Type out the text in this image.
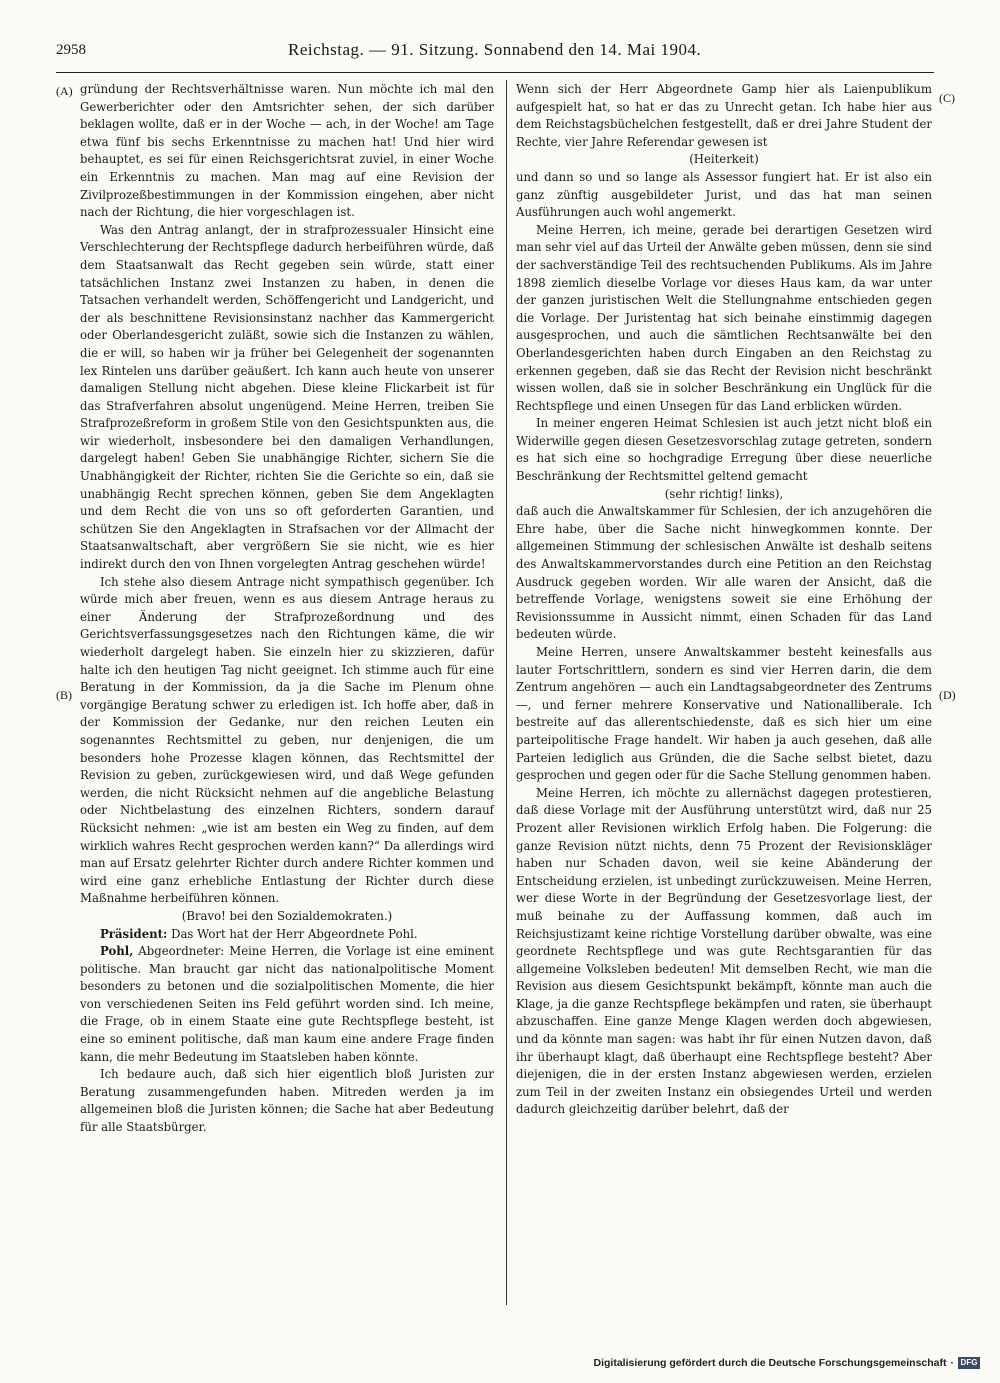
2958	Reichstag. — 91. Sitzung. Sonnabend den 14. Mai 1904.
(A)
(B)
(C)
(D)

gründung der Rechtsverhältnisse waren. Nun möchte ich mal den Gewerberichter oder den Amtsrichter sehen, der sich darüber beklagen wollte, daß er in der Woche — ach, in der Woche! am Tage etwa fünf bis sechs Erkenntnisse zu machen hat! Und hier wird behauptet, es sei für einen Reichsgerichtsrat zuviel, in einer Woche ein Erkenntnis zu machen. Man mag auf eine Revision der Zivilprozeßbestimmungen in der Kommission eingehen, aber nicht nach der Richtung, die hier vorgeschlagen ist.

Was den Antrag anlangt, der in strafprozessualer Hinsicht eine Verschlechterung der Rechtspflege dadurch herbeiführen würde, daß dem Staatsanwalt das Recht gegeben sein würde, statt einer tatsächlichen Instanz zwei Instanzen zu haben, in denen die Tatsachen verhandelt werden, Schöffengericht und Landgericht, und der als beschnittene Revisionsinstanz nachher das Kammergericht oder Oberlandesgericht zuläßt, sowie sich die Instanzen zu wählen, die er will, so haben wir ja früher bei Gelegenheit der sogenannten lex Rintelen uns darüber geäußert. Ich kann auch heute von unserer damaligen Stellung nicht abgehen. Diese kleine Flickarbeit ist für das Strafverfahren absolut ungenügend. Meine Herren, treiben Sie Strafprozeßreform in großem Stile von den Gesichtspunkten aus, die wir wiederholt, insbesondere bei den damaligen Verhandlungen, dargelegt haben! Geben Sie unabhängige Richter, sichern Sie die Unabhängigkeit der Richter, richten Sie die Gerichte so ein, daß sie unabhängig Recht sprechen können, geben Sie dem Angeklagten und dem Recht die von uns so oft geforderten Garantien, und schützen Sie den Angeklagten in Strafsachen vor der Allmacht der Staatsanwaltschaft, aber vergrößern Sie sie nicht, wie es hier indirekt durch den von Ihnen vorgelegten Antrag geschehen würde!

Ich stehe also diesem Antrage nicht sympathisch gegenüber. Ich würde mich aber freuen, wenn es aus diesem Antrage heraus zu einer Änderung der Strafprozeßordnung und des Gerichtsverfassungsgesetzes nach den Richtungen käme, die wir wiederholt dargelegt haben. Sie einzeln hier zu skizzieren, dafür halte ich den heutigen Tag nicht geeignet. Ich stimme auch für eine Beratung in der Kommission, da ja die Sache im Plenum ohne vorgängige Beratung schwer zu erledigen ist. Ich hoffe aber, daß in der Kommission der Gedanke, nur den reichen Leuten ein sogenanntes Rechtsmittel zu geben, nur denjenigen, die um besonders hohe Prozesse klagen können, das Rechtsmittel der Revision zu geben, zurückgewiesen wird, und daß Wege gefunden werden, die nicht Rücksicht nehmen auf die angebliche Belastung oder Nichtbelastung des einzelnen Richters, sondern darauf Rücksicht nehmen: „wie ist am besten ein Weg zu finden, auf dem wirklich wahres Recht gesprochen werden kann?“ Da allerdings wird man auf Ersatz gelehrter Richter durch andere Richter kommen und wird eine ganz erhebliche Entlastung der Richter durch diese Maßnahme herbeiführen können.

(Bravo! bei den Sozialdemokraten.)

Präsident: Das Wort hat der Herr Abgeordnete Pohl.

Pohl, Abgeordneter: Meine Herren, die Vorlage ist eine eminent politische. Man braucht gar nicht das nationalpolitische Moment besonders zu betonen und die sozialpolitischen Momente, die hier von verschiedenen Seiten ins Feld geführt worden sind. Ich meine, die Frage, ob in einem Staate eine gute Rechtspflege besteht, ist eine so eminent politische, daß man kaum eine andere Frage finden kann, die mehr Bedeutung im Staatsleben haben könnte.

Ich bedaure auch, daß sich hier eigentlich bloß Juristen zur Beratung zusammengefunden haben. Mitreden werden ja im allgemeinen bloß die Juristen können; die Sache hat aber Bedeutung für alle Staatsbürger.

Wenn sich der Herr Abgeordnete Gamp hier als Laienpublikum aufgespielt hat, so hat er das zu Unrecht getan. Ich habe hier aus dem Reichstagsbüchelchen festgestellt, daß er drei Jahre Student der Rechte, vier Jahre Referendar gewesen ist

(Heiterkeit)

und dann so und so lange als Assessor fungiert hat. Er ist also ein ganz zünftig ausgebildeter Jurist, und das hat man seinen Ausführungen auch wohl angemerkt.

Meine Herren, ich meine, gerade bei derartigen Gesetzen wird man sehr viel auf das Urteil der Anwälte geben müssen, denn sie sind der sachverständige Teil des rechtsuchenden Publikums. Als im Jahre 1898 ziemlich dieselbe Vorlage vor dieses Haus kam, da war unter der ganzen juristischen Welt die Stellungnahme entschieden gegen die Vorlage. Der Juristentag hat sich beinahe einstimmig dagegen ausgesprochen, und auch die sämtlichen Rechtsanwälte bei den Oberlandesgerichten haben durch Eingaben an den Reichstag zu erkennen gegeben, daß sie das Recht der Revision nicht beschränkt wissen wollen, daß sie in solcher Beschränkung ein Unglück für die Rechtspflege und einen Unsegen für das Land erblicken würden.

In meiner engeren Heimat Schlesien ist auch jetzt nicht bloß ein Widerwille gegen diesen Gesetzesvorschlag zutage getreten, sondern es hat sich eine so hochgradige Erregung über diese neuerliche Beschränkung der Rechtsmittel geltend gemacht

(sehr richtig! links),

daß auch die Anwaltskammer für Schlesien, der ich anzugehören die Ehre habe, über die Sache nicht hinwegkommen konnte. Der allgemeinen Stimmung der schlesischen Anwälte ist deshalb seitens des Anwaltskammervorstandes durch eine Petition an den Reichstag Ausdruck gegeben worden. Wir alle waren der Ansicht, daß die betreffende Vorlage, wenigstens soweit sie eine Erhöhung der Revisionssumme in Aussicht nimmt, einen Schaden für das Land bedeuten würde.

Meine Herren, unsere Anwaltskammer besteht keinesfalls aus lauter Fortschrittlern, sondern es sind vier Herren darin, die dem Zentrum angehören — auch ein Landtagsabgeordneter des Zentrums —, und ferner mehrere Konservative und Nationalliberale. Ich bestreite auf das allerentschiedenste, daß es sich hier um eine parteipolitische Frage handelt. Wir haben ja auch gesehen, daß alle Parteien lediglich aus Gründen, die die Sache selbst bietet, dazu gesprochen und gegen oder für die Sache Stellung genommen haben.

Meine Herren, ich möchte zu allernächst dagegen protestieren, daß diese Vorlage mit der Ausführung unterstützt wird, daß nur 25 Prozent aller Revisionen wirklich Erfolg haben. Die Folgerung: die ganze Revision nützt nichts, denn 75 Prozent der Revisionskläger haben nur Schaden davon, weil sie keine Abänderung der Entscheidung erzielen, ist unbedingt zurückzuweisen. Meine Herren, wer diese Worte in der Begründung der Gesetzesvorlage liest, der muß beinahe zu der Auffassung kommen, daß auch im Reichsjustizamt keine richtige Vorstellung darüber obwalte, was eine geordnete Rechtspflege und was gute Rechtsgarantien für das allgemeine Volksleben bedeuten! Mit demselben Recht, wie man die Revision aus diesem Gesichtspunkt bekämpft, könnte man auch die Klage, ja die ganze Rechtspflege bekämpfen und raten, sie überhaupt abzuschaffen. Eine ganze Menge Klagen werden doch abgewiesen, und da könnte man sagen: was habt ihr für einen Nutzen davon, daß ihr überhaupt klagt, daß überhaupt eine Rechtspflege besteht? Aber diejenigen, die in der ersten Instanz abgewiesen werden, erzielen zum Teil in der zweiten Instanz ein obsiegendes Urteil und werden dadurch gleichzeitig darüber belehrt, daß der

Digitalisierung gefördert durch die Deutsche Forschungsgemeinschaft · DFG
